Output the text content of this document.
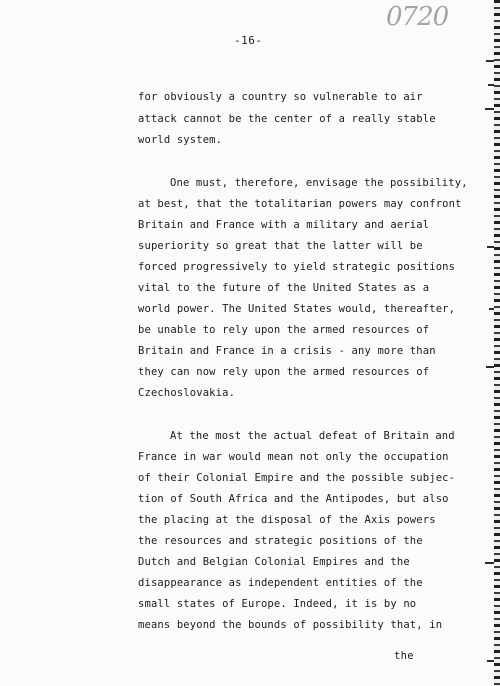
0720
-16-
for obviously a country so vulnerable to air
attack cannot be the center of a really stable
world system.
One must, therefore, envisage the possibility,
at best, that the totalitarian powers may confront
Britain and France with a military and aerial
superiority so great that the latter will be
forced progressively to yield strategic positions
vital to the future of the United States as a
world power. The United States would, thereafter,
be unable to rely upon the armed resources of
Britain and France in a crisis - any more than
they can now rely upon the armed resources of
Czechoslovakia.
At the most the actual defeat of Britain and
France in war would mean not only the occupation
of their Colonial Empire and the possible subjec-
tion of South Africa and the Antipodes, but also
the placing at the disposal of the Axis powers
the resources and strategic positions of the
Dutch and Belgian Colonial Empires and the
disappearance as independent entities of the
small states of Europe. Indeed, it is by no
means beyond the bounds of possibility that, in
the
